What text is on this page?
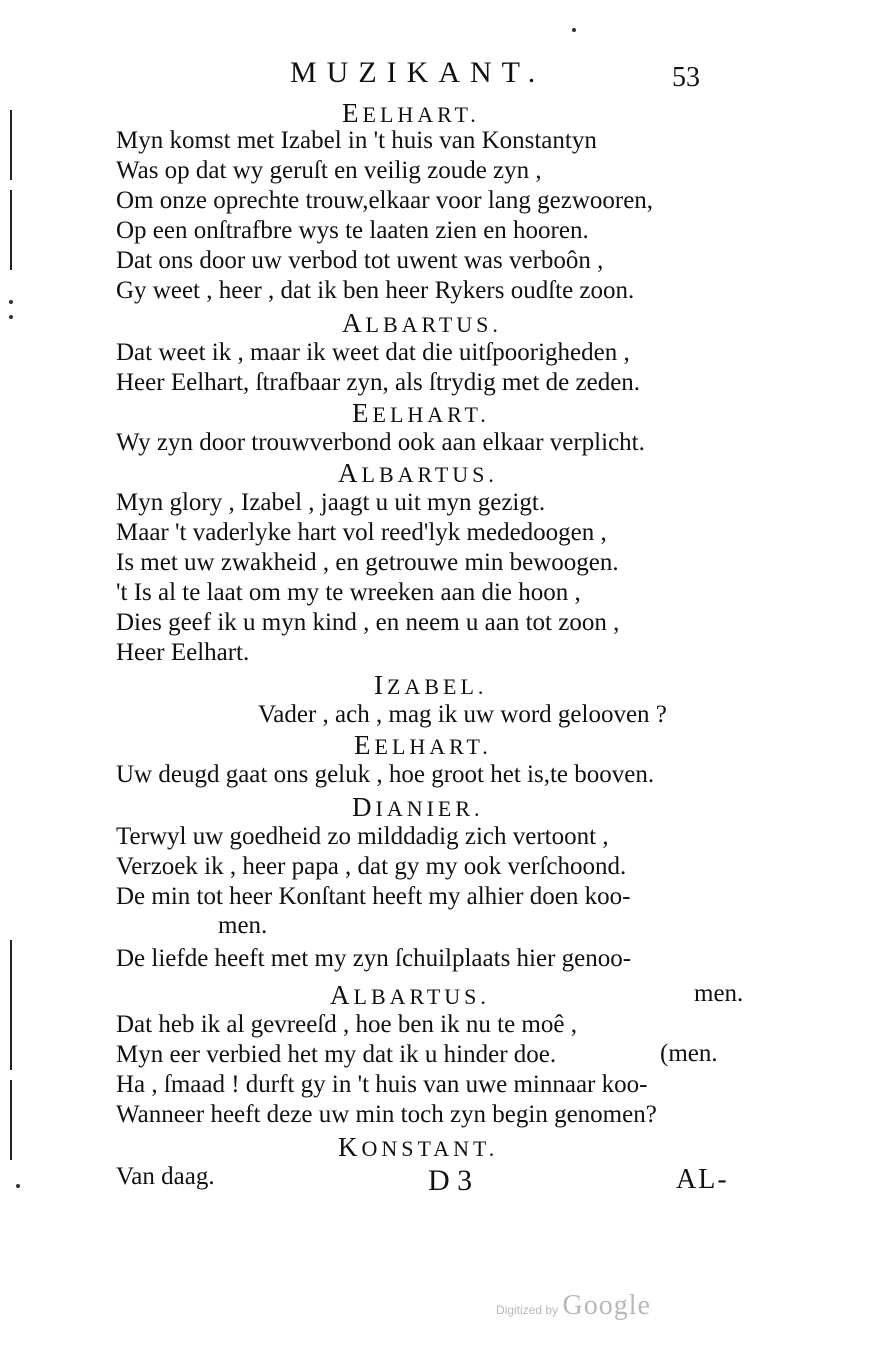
MUZIKANT.	53
EELHART.
Myn komst met Izabel in 't huis van Konstantyn
Was op dat wy geruſt en veilig zoude zyn ,
Om onze oprechte trouw,elkaar voor lang gezwooren,
Op een onſtrafbre wys te laaten zien en hooren.
Dat ons door uw verbod tot uwent was verboôn ,
Gy weet , heer , dat ik ben heer Rykers oudſte zoon.
ALBARTUS.
Dat weet ik , maar ik weet dat die uitſpoorigheden ,
Heer Eelhart, ſtrafbaar zyn, als ſtrydig met de zeden.
EELHART.
Wy zyn door trouwverbond ook aan elkaar verplicht.
ALBARTUS.
Myn glory , Izabel , jaagt u uit myn gezigt.
Maar 't vaderlyke hart vol reed'lyk mededoogen ,
Is met uw zwakheid , en getrouwe min bewoogen.
't Is al te laat om my te wreeken aan die hoon ,
Dies geef ik u myn kind , en neem u aan tot zoon ,
Heer Eelhart.
IZABEL.
Vader , ach , mag ik uw word gelooven ?
EELHART.
Uw deugd gaat ons geluk , hoe groot het is,te booven.
DIANIER.
Terwyl uw goedheid zo milddadig zich vertoont ,
Verzoek ik , heer papa , dat gy my ook verſchoond.
De min tot heer Konſtant heeft my alhier doen koo-
men.
De liefde heeft met my zyn ſchuilplaats hier genoo-
ALBARTUS.	men.
Dat heb ik al gevreeſd , hoe ben ik nu te moê ,
Myn eer verbied het my dat ik u hinder doe.	(men.
Ha , ſmaad ! durft gy in 't huis van uwe minnaar koo-
Wanneer heeft deze uw min toch zyn begin genomen?
KONSTANT.
Van daag.	D 3	AL-
Digitized by Google
